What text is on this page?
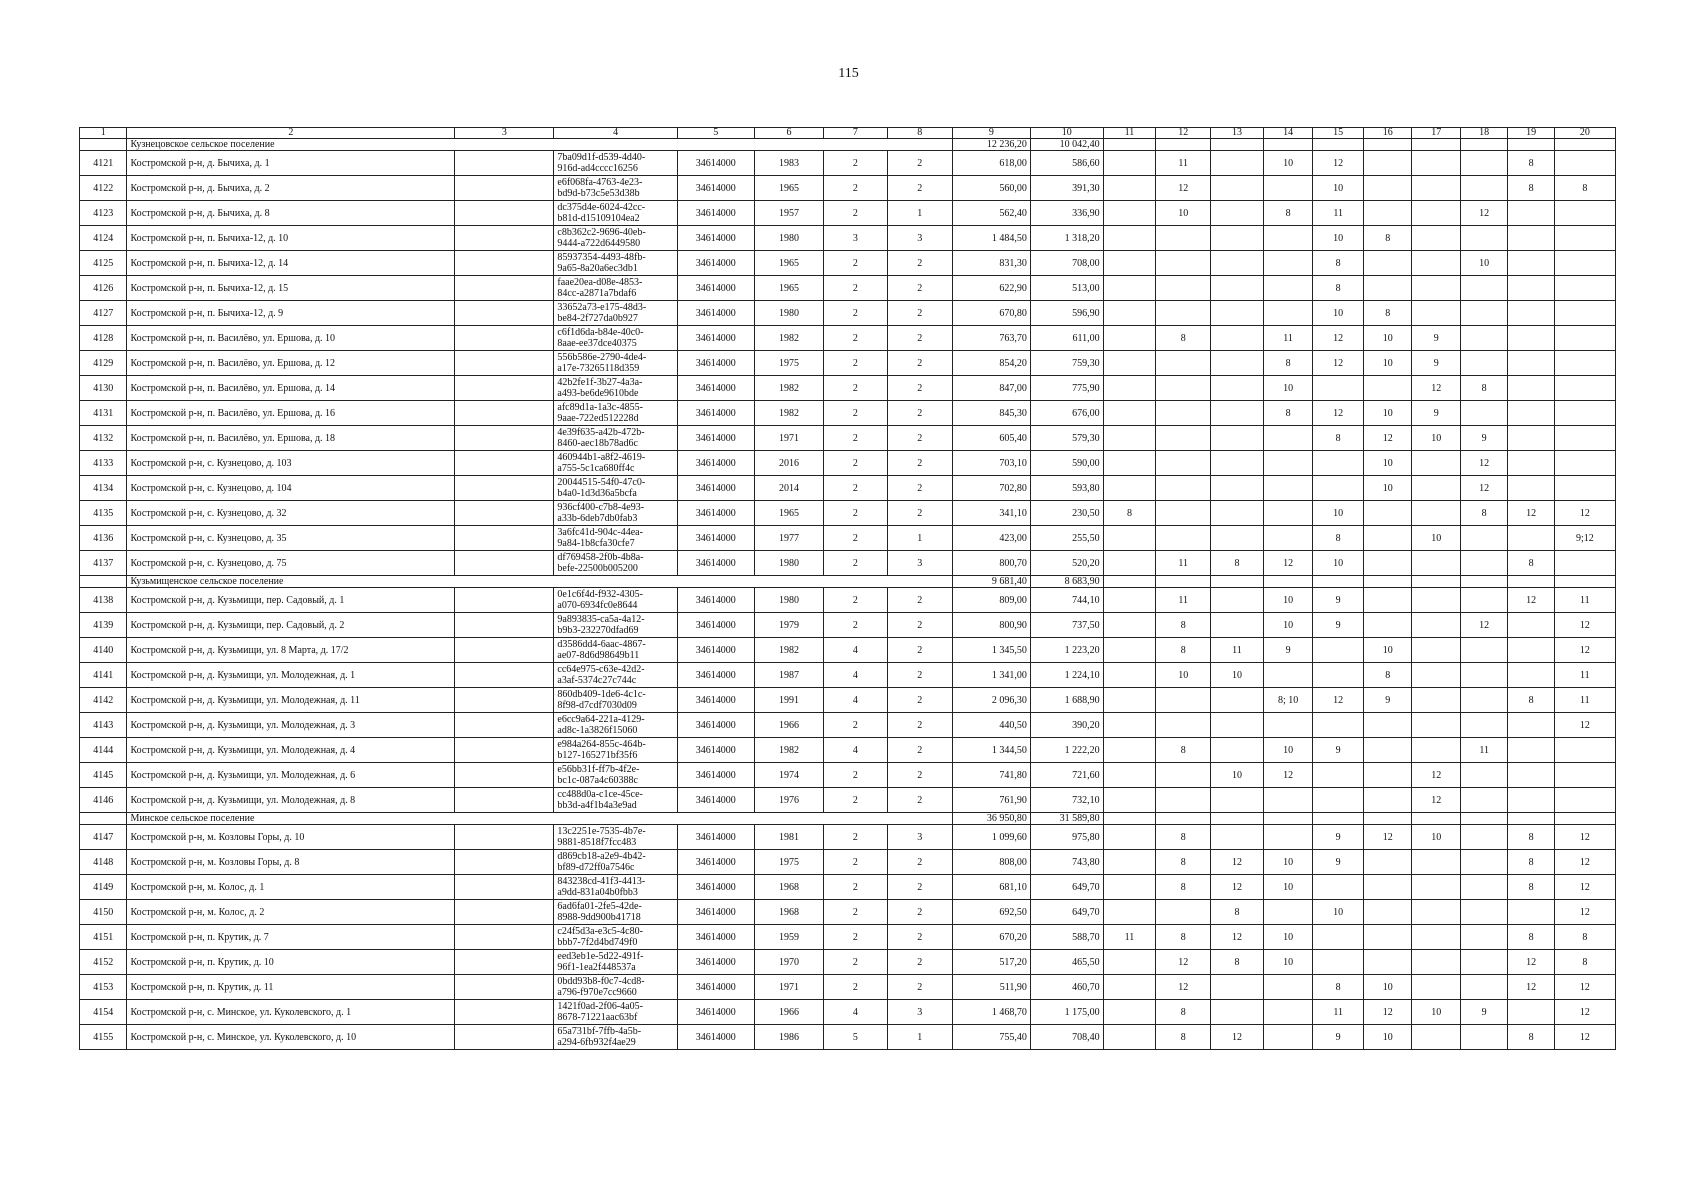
115
1	2	3	4	5	6	7	8	9	10	11	12	13	14	15	16	17	18	19	20
	Кузнецовское сельское поселение							12 236,20	10 042,40										
4121	Костромской р-н, д. Бычиха, д. 1		7ba09d1f-d539-4d40-
916d-ad4cccc16256	34614000	1983	2	2	618,00	586,60		11		10	12				8	
4122	Костромской р-н, д. Бычиха, д. 2		e6f068fa-4763-4e23-
bd9d-b73c5e53d38b	34614000	1965	2	2	560,00	391,30		12			10				8	8
4123	Костромской р-н, д. Бычиха, д. 8		dc375d4e-6024-42cc-
b81d-d15109104ea2	34614000	1957	2	1	562,40	336,90		10		8	11			12		
4124	Костромской р-н, п. Бычиха-12, д. 10		c8b362c2-9696-40eb-
9444-a722d6449580	34614000	1980	3	3	1 484,50	1 318,20					10	8				
4125	Костромской р-н, п. Бычиха-12, д. 14		85937354-4493-48fb-
9a65-8a20a6ec3db1	34614000	1965	2	2	831,30	708,00					8			10		
4126	Костромской р-н, п. Бычиха-12, д. 15		faae20ea-d08e-4853-
84cc-a2871a7bdaf6	34614000	1965	2	2	622,90	513,00					8					
4127	Костромской р-н, п. Бычиха-12, д. 9		33652a73-e175-48d3-
be84-2f727da0b927	34614000	1980	2	2	670,80	596,90					10	8				
4128	Костромской р-н, п. Василёво, ул. Ершова, д. 10		c6f1d6da-b84e-40c0-
8aae-ee37dce40375	34614000	1982	2	2	763,70	611,00		8		11	12	10	9			
4129	Костромской р-н, п. Василёво, ул. Ершова, д. 12		556b586e-2790-4de4-
a17e-73265118d359	34614000	1975	2	2	854,20	759,30				8	12	10	9			
4130	Костромской р-н, п. Василёво, ул. Ершова, д. 14		42b2fe1f-3b27-4a3a-
a493-be6de9610bde	34614000	1982	2	2	847,00	775,90				10			12	8		
4131	Костромской р-н, п. Василёво, ул. Ершова, д. 16		afc89d1a-1a3c-4855-
9aae-722ed512228d	34614000	1982	2	2	845,30	676,00				8	12	10	9			
4132	Костромской р-н, п. Василёво, ул. Ершова, д. 18		4e39f635-a42b-472b-
8460-aec18b78ad6c	34614000	1971	2	2	605,40	579,30					8	12	10	9		
4133	Костромской р-н, с. Кузнецово, д. 103		460944b1-a8f2-4619-
a755-5c1ca680ff4c	34614000	2016	2	2	703,10	590,00						10		12		
4134	Костромской р-н, с. Кузнецово, д. 104		20044515-54f0-47c0-
b4a0-1d3d36a5bcfa	34614000	2014	2	2	702,80	593,80						10		12		
4135	Костромской р-н, с. Кузнецово, д. 32		936cf400-c7b8-4e93-
a33b-6deb7db0fab3	34614000	1965	2	2	341,10	230,50	8				10			8	12	12
4136	Костромской р-н, с. Кузнецово, д. 35		3a6fc41d-904c-44ea-
9a84-1b8cfa30cfe7	34614000	1977	2	1	423,00	255,50					8		10			9;12
4137	Костромской р-н, с. Кузнецово, д. 75		df769458-2f0b-4b8a-
befe-22500b005200	34614000	1980	2	3	800,70	520,20		11	8	12	10				8	
	Кузьмищенское сельское поселение							9 681,40	8 683,90										
4138	Костромской р-н, д. Кузьмищи, пер. Садовый, д. 1		0e1c6f4d-f932-4305-
a070-6934fc0e8644	34614000	1980	2	2	809,00	744,10		11		10	9				12	11
4139	Костромской р-н, д. Кузьмищи, пер. Садовый, д. 2		9a893835-ca5a-4a12-
b9b3-232270dfad69	34614000	1979	2	2	800,90	737,50		8		10	9			12		12
4140	Костромской р-н, д. Кузьмищи, ул. 8 Марта, д. 17/2		d3586dd4-6aac-4867-
ae07-8d6d98649b11	34614000	1982	4	2	1 345,50	1 223,20		8	11	9		10				12
4141	Костромской р-н, д. Кузьмищи, ул. Молодежная, д. 1		cc64e975-c63e-42d2-
a3af-5374c27c744c	34614000	1987	4	2	1 341,00	1 224,10		10	10			8				11
4142	Костромской р-н, д. Кузьмищи, ул. Молодежная, д. 11		860db409-1de6-4c1c-
8f98-d7cdf7030d09	34614000	1991	4	2	2 096,30	1 688,90				8; 10	12	9			8	11
4143	Костромской р-н, д. Кузьмищи, ул. Молодежная, д. 3		e6cc9a64-221a-4129-
ad8c-1a3826f15060	34614000	1966	2	2	440,50	390,20										12
4144	Костромской р-н, д. Кузьмищи, ул. Молодежная, д. 4		e984a264-855c-464b-
b127-165271bf35f6	34614000	1982	4	2	1 344,50	1 222,20		8		10	9			11		
4145	Костромской р-н, д. Кузьмищи, ул. Молодежная, д. 6		e56bb31f-ff7b-4f2e-
bc1c-087a4c60388c	34614000	1974	2	2	741,80	721,60			10	12			12			
4146	Костромской р-н, д. Кузьмищи, ул. Молодежная, д. 8		cc488d0a-c1ce-45ce-
bb3d-a4f1b4a3e9ad	34614000	1976	2	2	761,90	732,10							12			
	Минское сельское поселение							36 950,80	31 589,80										
4147	Костромской р-н, м. Козловы Горы, д. 10		13c2251e-7535-4b7e-
9881-8518f7fcc483	34614000	1981	2	3	1 099,60	975,80		8			9	12	10		8	12
4148	Костромской р-н, м. Козловы Горы, д. 8		d869cb18-a2e9-4b42-
bf89-d72ff0a7546c	34614000	1975	2	2	808,00	743,80		8	12	10	9				8	12
4149	Костромской р-н, м. Колос, д. 1		843238cd-41f3-4413-
a9dd-831a04b0fbb3	34614000	1968	2	2	681,10	649,70		8	12	10					8	12
4150	Костромской р-н, м. Колос, д. 2		6ad6fa01-2fe5-42de-
8988-9dd900b41718	34614000	1968	2	2	692,50	649,70			8		10					12
4151	Костромской р-н, п. Крутик, д. 7		c24f5d3a-e3c5-4c80-
bbb7-7f2d4bd749f0	34614000	1959	2	2	670,20	588,70	11	8	12	10					8	8
4152	Костромской р-н, п. Крутик, д. 10		eed3eb1e-5d22-491f-
96f1-1ea2f448537a	34614000	1970	2	2	517,20	465,50		12	8	10					12	8
4153	Костромской р-н, п. Крутик, д. 11		0bdd93b8-f0c7-4cd8-
a796-f970e7cc9660	34614000	1971	2	2	511,90	460,70		12			8	10			12	12
4154	Костромской р-н, с. Минское, ул. Куколевского, д. 1		1421f0ad-2f06-4a05-
8678-71221aac63bf	34614000	1966	4	3	1 468,70	1 175,00		8			11	12	10	9		12
4155	Костромской р-н, с. Минское, ул. Куколевского, д. 10		65a731bf-7ffb-4a5b-
a294-6fb932f4ae29	34614000	1986	5	1	755,40	708,40		8	12		9	10			8	12
